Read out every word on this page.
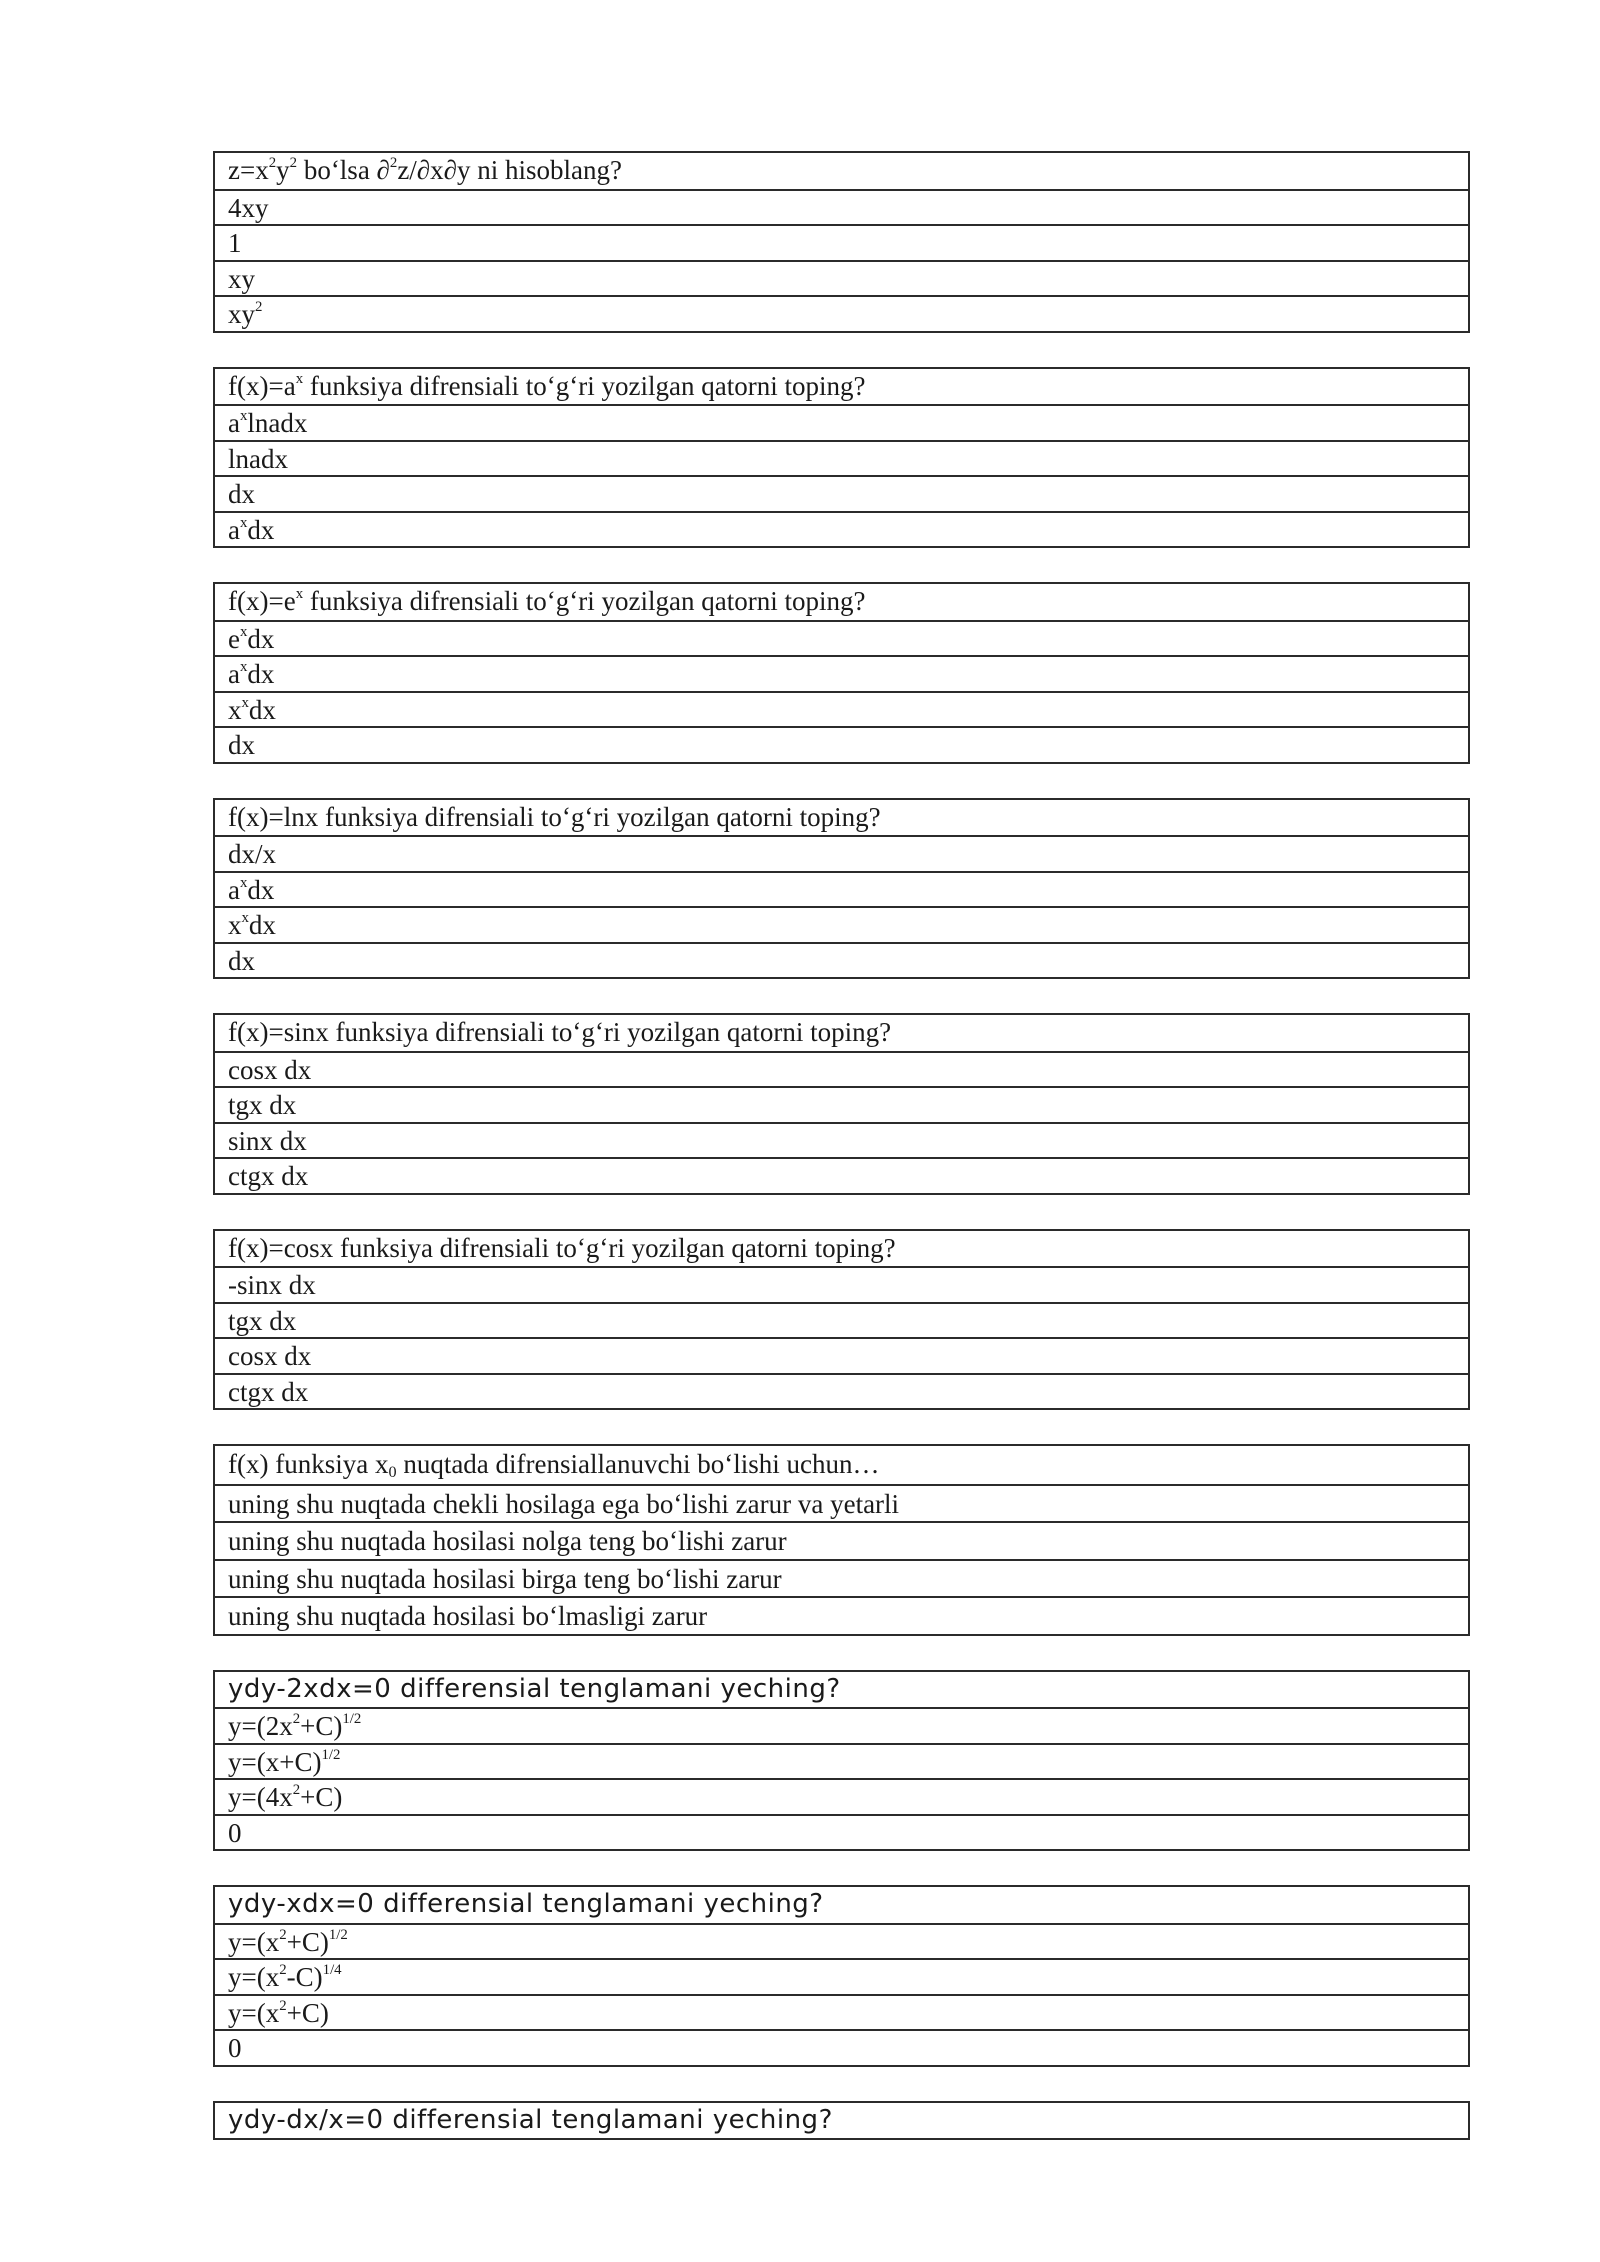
$z=x^2y^2$ bo‘lsa ∂$^2$z/∂x∂y ni hisoblang?
4xy
1
xy
$xy^2$
$f(x)=a^x$ funksiya difrensiali to‘g‘ri yozilgan qatorni toping?
$a^xlnadx$
lnadx
dx
$a^xdx$
$f(x)=e^x$ funksiya difrensiali to‘g‘ri yozilgan qatorni toping?
$e^xdx$
$a^xdx$
$x^xdx$
dx
f(x)=lnx funksiya difrensiali to‘g‘ri yozilgan qatorni toping?
dx/x
$a^xdx$
$x^xdx$
dx
f(x)=sinx funksiya difrensiali to‘g‘ri yozilgan qatorni toping?
cosx dx
tgx dx
sinx dx
ctgx dx
f(x)=cosx funksiya difrensiali to‘g‘ri yozilgan qatorni toping?
-sinx dx
tgx dx
cosx dx
ctgx dx
f(x) funksiya $x_0$ nuqtada difrensiallanuvchi bo‘lishi uchun…
uning shu nuqtada chekli hosilaga ega bo‘lishi zarur va yetarli
uning shu nuqtada hosilasi nolga teng bo‘lishi zarur
uning shu nuqtada hosilasi birga teng bo‘lishi zarur
uning shu nuqtada hosilasi bo‘lmasligi zarur
ydy-2xdx=0 differensial tenglamani yeching?
$y=(2x^2+C)^{1/2}$
$y=(x+C)^{1/2}$
$y=(4x^2+C)$
0
ydy-xdx=0 differensial tenglamani yeching?
$y=(x^2+C)^{1/2}$
$y=(x^2-C)^{1/4}$
$y=(x^2+C)$
0
ydy-dx/x=0 differensial tenglamani yeching?
